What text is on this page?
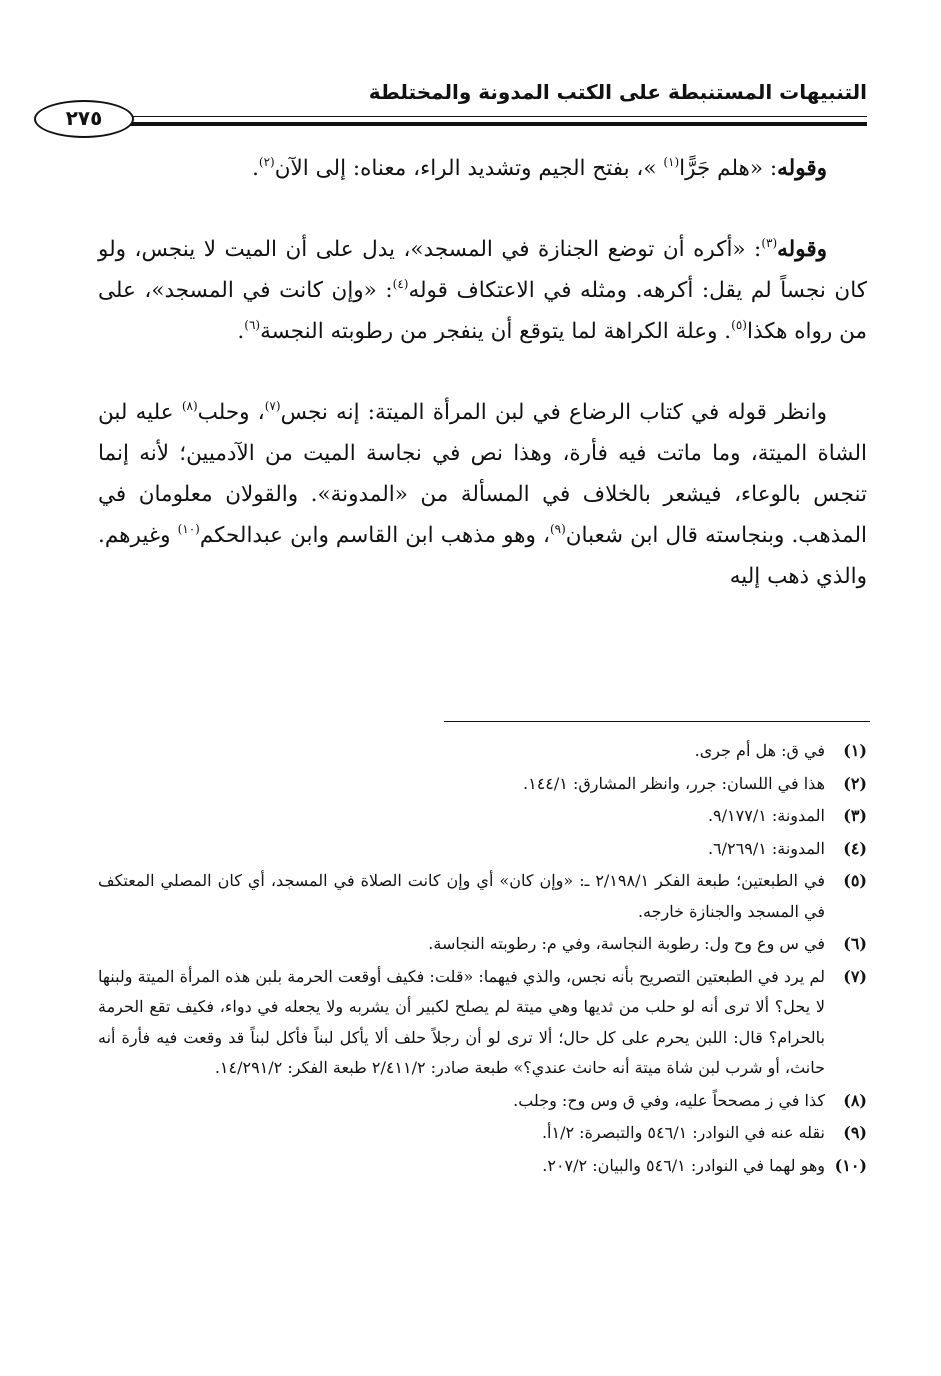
التنبيهات المستنبطة على الكتب المدونة والمختلطة
٢٧٥

وقوله: «هلم جَرًّا$^{(١)}$ »، بفتح الجيم وتشديد الراء، معناه: إلى الآن$^{(٢)}$.

وقوله$^{(٣)}$: «أكره أن توضع الجنازة في المسجد»، يدل على أن الميت لا ينجس، ولو كان نجساً لم يقل: أكرهه. ومثله في الاعتكاف قوله$^{(٤)}$: «وإن كانت في المسجد»، على من رواه هكذا$^{(٥)}$. وعلة الكراهة لما يتوقع أن ينفجر من رطوبته النجسة$^{(٦)}$.

وانظر قوله في كتاب الرضاع في لبن المرأة الميتة: إنه نجس$^{(٧)}$، وحلب$^{(٨)}$ عليه لبن الشاة الميتة، وما ماتت فيه فأرة، وهذا نص في نجاسة الميت من الآدميين؛ لأنه إنما تنجس بالوعاء، فيشعر بالخلاف في المسألة من «المدونة». والقولان معلومان في المذهب. وبنجاسته قال ابن شعبان$^{(٩)}$، وهو مذهب ابن القاسم وابن عبدالحكم$^{(١٠)}$ وغيرهم. والذي ذهب إليه

(١)
في ق: هل أم جرى.
(٢)
هذا في اللسان: جرر، وانظر المشارق: ١٤٤/١.
(٣)
المدونة: ٩/١٧٧/١.
(٤)
المدونة: ٦/٢٦٩/١.
(٥)
في الطبعتين؛ طبعة الفكر ٢/١٩٨/١ ـ: «وإن كان» أي وإن كانت الصلاة في المسجد، أي كان المصلي المعتكف في المسجد والجنازة خارجه.
(٦)
في س وع وح ول: رطوبة النجاسة، وفي م: رطوبته النجاسة.
(٧)
لم يرد في الطبعتين التصريح بأنه نجس، والذي فيهما: «قلت: فكيف أوقعت الحرمة بلبن هذه المرأة الميتة ولبنها لا يحل؟ ألا ترى أنه لو حلب من ثديها وهي ميتة لم يصلح لكبير أن يشربه ولا يجعله في دواء، فكيف تقع الحرمة بالحرام؟ قال: اللبن يحرم على كل حال؛ ألا ترى لو أن رجلاً حلف ألا يأكل لبناً فأكل لبناً قد وقعت فيه فأرة أنه حانث، أو شرب لبن شاة ميتة أنه حانث عندي؟» طبعة صادر: ٢/٤١١/٢ طبعة الفكر: ١٤/٢٩١/٢.
(٨)
كذا في ز مصححاً عليه، وفي ق وس وح: وجلب.
(٩)
نقله عنه في النوادر: ٥٤٦/١ والتبصرة: ١/٢أ.
(١٠)
وهو لهما في النوادر: ٥٤٦/١ والبيان: ٢٠٧/٢.
